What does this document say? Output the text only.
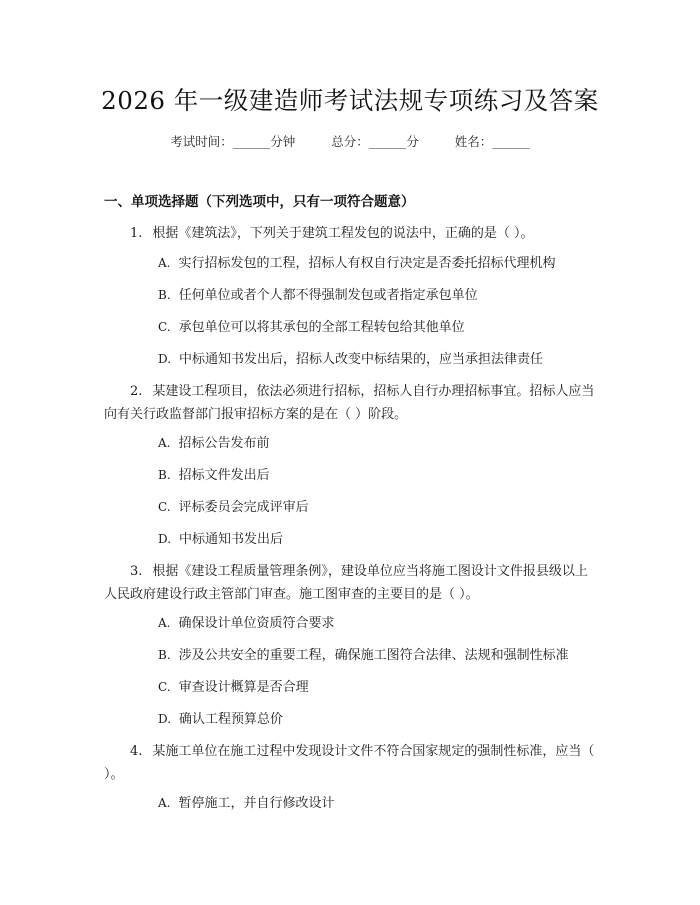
2026 年一级建造师考试法规专项练习及答案
考试时间：______分钟	总分：______分	姓名：______
一、单项选择题（下列选项中，只有一项符合题意）
1. 根据《建筑法》，下列关于建筑工程发包的说法中，正确的是（ ）。
A. 实行招标发包的工程，招标人有权自行决定是否委托招标代理机构
B. 任何单位或者个人都不得强制发包或者指定承包单位
C. 承包单位可以将其承包的全部工程转包给其他单位
D. 中标通知书发出后，招标人改变中标结果的，应当承担法律责任
2. 某建设工程项目，依法必须进行招标，招标人自行办理招标事宜。招标人应当向有关行政监督部门报审招标方案的是在（ ）阶段。
A. 招标公告发布前
B. 招标文件发出后
C. 评标委员会完成评审后
D. 中标通知书发出后
3. 根据《建设工程质量管理条例》，建设单位应当将施工图设计文件报县级以上人民政府建设行政主管部门审查。施工图审查的主要目的是（ ）。
A. 确保设计单位资质符合要求
B. 涉及公共安全的重要工程，确保施工图符合法律、法规和强制性标准
C. 审查设计概算是否合理
D. 确认工程预算总价
4. 某施工单位在施工过程中发现设计文件不符合国家规定的强制性标准，应当（ ）。
A. 暂停施工，并自行修改设计
